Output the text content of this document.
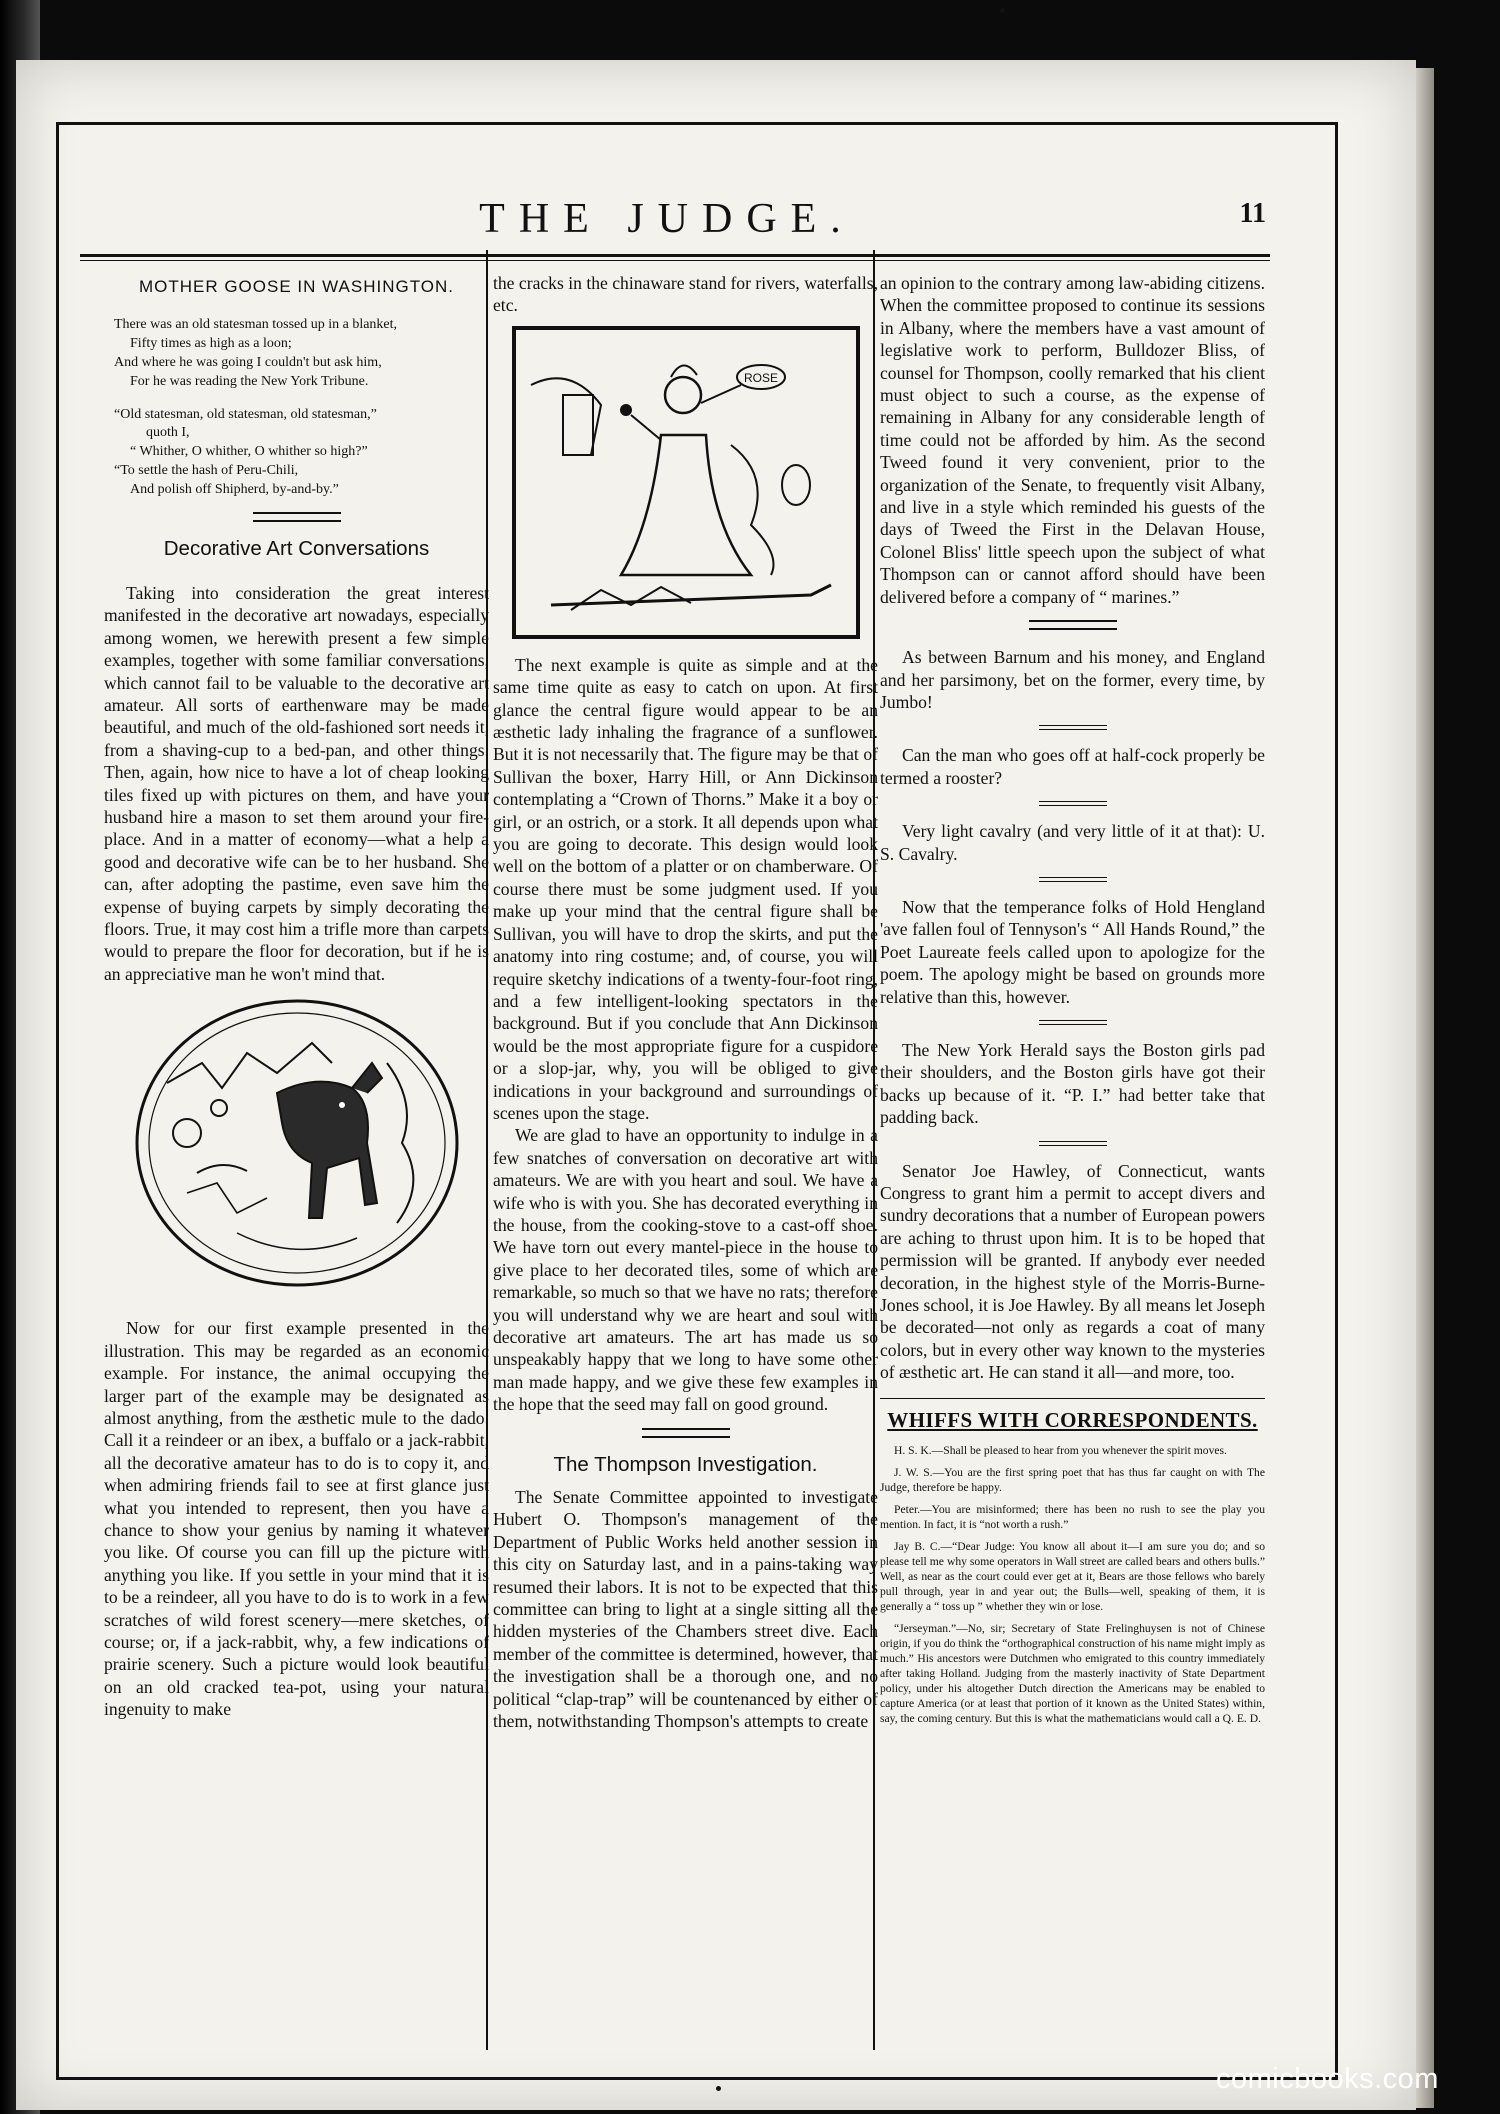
THE JUDGE.	11
MOTHER GOOSE IN WASHINGTON.

There was an old statesman tossed up in a blanket,

Fifty times as high as a loon;

And where he was going I couldn't but ask him,

For he was reading the New York Tribune.

“Old statesman, old statesman, old statesman,”

quoth I,

“ Whither, O whither, O whither so high?”

“To settle the hash of Peru-Chili,

And polish off Shipherd, by-and-by.”

Decorative Art Conversations

Taking into consideration the great interest manifested in the decorative art nowadays, especially among women, we herewith present a few simple examples, together with some familiar conversations, which cannot fail to be valuable to the decorative art amateur. All sorts of earthenware may be made beautiful, and much of the old-fashioned sort needs it, from a shaving-cup to a bed-pan, and other things. Then, again, how nice to have a lot of cheap looking tiles fixed up with pictures on them, and have your husband hire a mason to set them around your fire-place. And in a matter of economy—what a help a good and decorative wife can be to her husband. She can, after adopting the pastime, even save him the expense of buying carpets by simply decorating the floors. True, it may cost him a trifle more than carpets would to prepare the floor for decoration, but if he is an appreciative man he won't mind that.

Now for our first example presented in the illustration. This may be regarded as an economic example. For instance, the animal occupying the larger part of the example may be designated as almost anything, from the æsthetic mule to the dado. Call it a reindeer or an ibex, a buffalo or a jack-rabbit, all the decorative amateur has to do is to copy it, and when admiring friends fail to see at first glance just what you intended to represent, then you have a chance to show your genius by naming it whatever you like. Of course you can fill up the picture with anything you like. If you settle in your mind that it is to be a reindeer, all you have to do is to work in a few scratches of wild forest scenery—mere sketches, of course; or, if a jack-rabbit, why, a few indications of prairie scenery. Such a picture would look beautiful on an old cracked tea-pot, using your natural ingenuity to make

the cracks in the chinaware stand for rivers, waterfalls, etc.

ROSE

The next example is quite as simple and at the same time quite as easy to catch on upon. At first glance the central figure would appear to be an æsthetic lady inhaling the fragrance of a sunflower. But it is not necessarily that. The figure may be that of Sullivan the boxer, Harry Hill, or Ann Dickinson contemplating a “Crown of Thorns.” Make it a boy or girl, or an ostrich, or a stork. It all depends upon what you are going to decorate. This design would look well on the bottom of a platter or on chamberware. Of course there must be some judgment used. If you make up your mind that the central figure shall be Sullivan, you will have to drop the skirts, and put the anatomy into ring costume; and, of course, you will require sketchy indications of a twenty-four-foot ring, and a few intelligent-looking spectators in the background. But if you conclude that Ann Dickinson would be the most appropriate figure for a cuspidore or a slop-jar, why, you will be obliged to give indications in your background and surroundings of scenes upon the stage.

We are glad to have an opportunity to indulge in a few snatches of conversation on decorative art with amateurs. We are with you heart and soul. We have a wife who is with you. She has decorated everything in the house, from the cooking-stove to a cast-off shoe. We have torn out every mantel-piece in the house to give place to her decorated tiles, some of which are remarkable, so much so that we have no rats; therefore you will understand why we are heart and soul with decorative art amateurs. The art has made us so unspeakably happy that we long to have some other man made happy, and we give these few examples in the hope that the seed may fall on good ground.

The Thompson Investigation.

The Senate Committee appointed to investigate Hubert O. Thompson's management of the Department of Public Works held another session in this city on Saturday last, and in a pains-taking way resumed their labors. It is not to be expected that this committee can bring to light at a single sitting all the hidden mysteries of the Chambers street dive. Each member of the committee is determined, however, that the investigation shall be a thorough one, and no political “clap-trap” will be countenanced by either of them, notwithstanding Thompson's attempts to create

an opinion to the contrary among law-abiding citizens. When the committee proposed to continue its sessions in Albany, where the members have a vast amount of legislative work to perform, Bulldozer Bliss, of counsel for Thompson, coolly remarked that his client must object to such a course, as the expense of remaining in Albany for any considerable length of time could not be afforded by him. As the second Tweed found it very convenient, prior to the organization of the Senate, to frequently visit Albany, and live in a style which reminded his guests of the days of Tweed the First in the Delavan House, Colonel Bliss' little speech upon the subject of what Thompson can or cannot afford should have been delivered before a company of “ marines.”

As between Barnum and his money, and England and her parsimony, bet on the former, every time, by Jumbo!

Can the man who goes off at half-cock properly be termed a rooster?

Very light cavalry (and very little of it at that): U. S. Cavalry.

Now that the temperance folks of Hold Hengland 'ave fallen foul of Tennyson's “ All Hands Round,” the Poet Laureate feels called upon to apologize for the poem. The apology might be based on grounds more relative than this, however.

The New York Herald says the Boston girls pad their shoulders, and the Boston girls have got their backs up because of it. “P. I.” had better take that padding back.

Senator Joe Hawley, of Connecticut, wants Congress to grant him a permit to accept divers and sundry decorations that a number of European powers are aching to thrust upon him. It is to be hoped that permission will be granted. If anybody ever needed decoration, in the highest style of the Morris-Burne-Jones school, it is Joe Hawley. By all means let Joseph be decorated—not only as regards a coat of many colors, but in every other way known to the mysteries of æsthetic art. He can stand it all—and more, too.

WHIFFS WITH CORRESPONDENTS.

H. S. K.—Shall be pleased to hear from you whenever the spirit moves.

J. W. S.—You are the first spring poet that has thus far caught on with The Judge, therefore be happy.

Peter.—You are misinformed; there has been no rush to see the play you mention. In fact, it is “not worth a rush.”

Jay B. C.—“Dear Judge: You know all about it—I am sure you do; and so please tell me why some operators in Wall street are called bears and others bulls.” Well, as near as the court could ever get at it, Bears are those fellows who barely pull through, year in and year out; the Bulls—well, speaking of them, it is generally a “ toss up ” whether they win or lose.

“Jerseyman.”—No, sir; Secretary of State Frelinghuysen is not of Chinese origin, if you do think the “orthographical construction of his name might imply as much.” His ancestors were Dutchmen who emigrated to this country immediately after taking Holland. Judging from the masterly inactivity of State Department policy, under his altogether Dutch direction the Americans may be enabled to capture America (or at least that portion of it known as the United States) within, say, the coming century. But this is what the mathematicians would call a Q. E. D.

comicbooks.com
